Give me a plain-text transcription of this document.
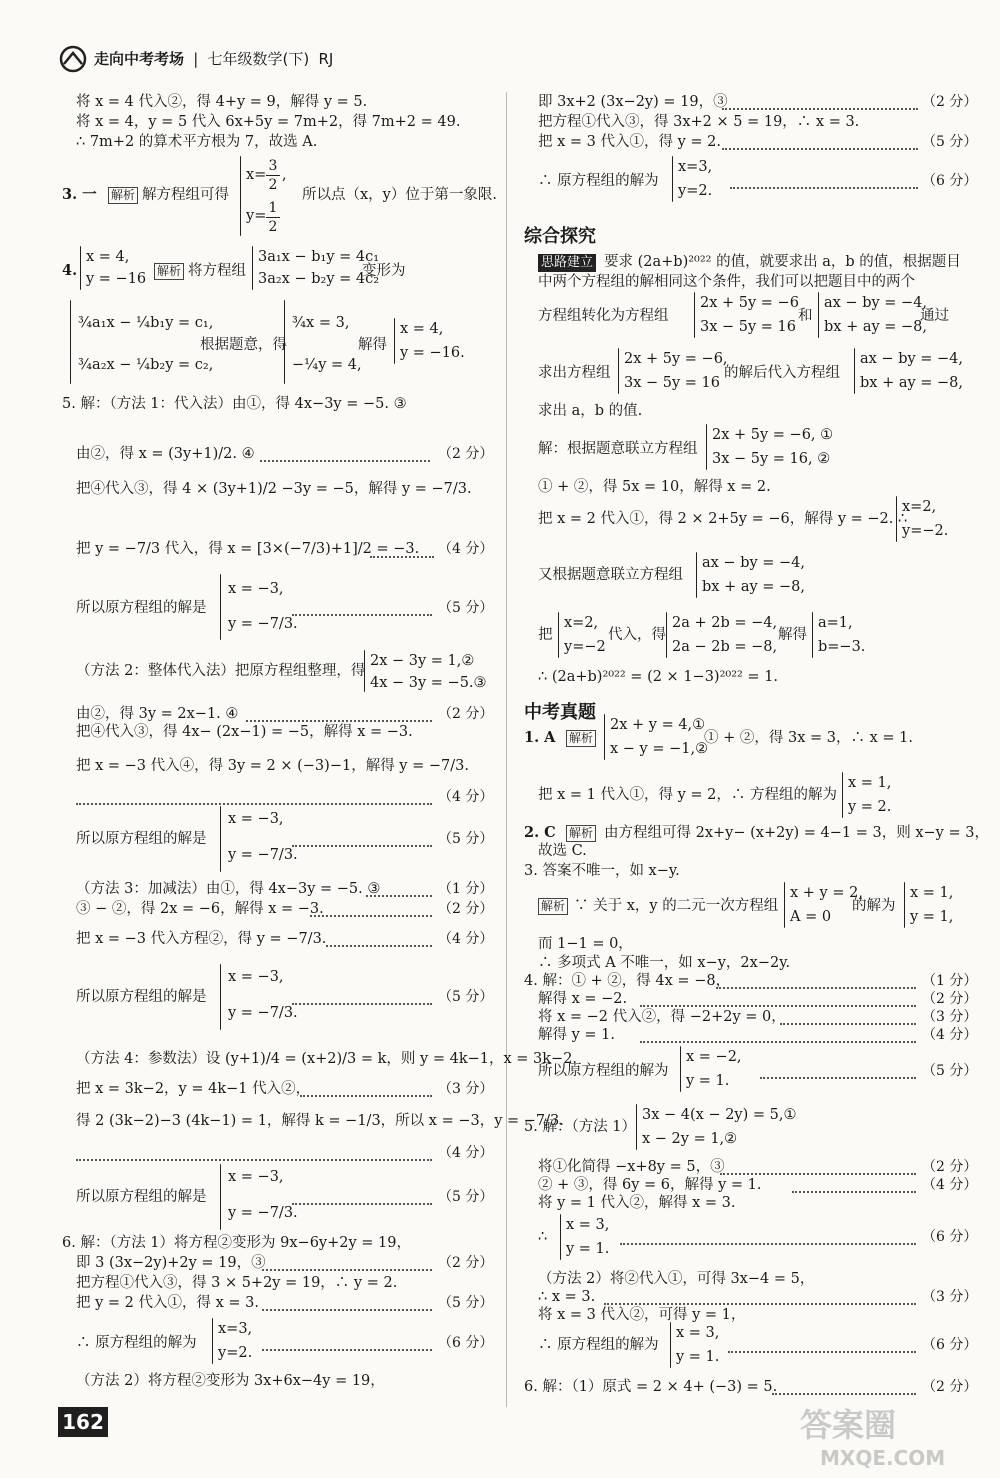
走向中考考场 | 七年级数学(下) RJ
将 x = 4 代入②，得 4+y = 9，解得 y = 5.
将 x = 4，y = 5 代入 6x+5y = 7m+2，得 7m+2 = 49.
∴ 7m+2 的算术平方根为 7，故选 A.
3. 一 解析 解方程组可得
x=
3
2
,
y= 1
2
所以点（x，y）位于第一象限.
4.
x = 4,
y = −16 解析 将方程组
3a₁x − b₁y = 4c₁
3a₂x − b₂y = 4c₂
变形为
¾a₁x − ¼b₁y = c₁,
¾a₂x − ¼b₂y = c₂,
根据题意，得
¾x = 3,
−¼y = 4,
解得
x = 4,
y = −16.
5. 解：（方法 1：代入法）由①，得 4x−3y = −5. ③
由②，得 x = (3y+1)/2. ④	（2 分）
把④代入③，得 4 × (3y+1)/2 −3y = −5，解得 y = −7/3.
把 y = −7/3 代入，得 x = [3×(−7/3)+1]/2 = −3. （4 分）
所以原方程组的解是
x = −3,
y = −7/3.
（5 分）
（方法 2：整体代入法）把原方程组整理，得
2x − 3y = 1,②
4x − 3y = −5.③
由②，得 3y = 2x−1. ④	（2 分）
把④代入③，得 4x− (2x−1) = −5，解得 x = −3.
把 x = −3 代入④，得 3y = 2 × (−3)−1，解得 y = −7/3.
（4 分）
所以原方程组的解是
x = −3,
y = −7/3.
（5 分）
（方法 3：加减法）由①，得 4x−3y = −5. ③	（1 分）
③ − ②，得 2x = −6，解得 x = −3.	（2 分）
把 x = −3 代入方程②，得 y = −7/3.	（4 分）
所以原方程组的解是
x = −3,
y = −7/3.
（5 分）
（方法 4：参数法）设 (y+1)/4 = (x+2)/3 = k，则 y = 4k−1，x = 3k−2.
把 x = 3k−2，y = 4k−1 代入②，	（3 分）
得 2 (3k−2)−3 (4k−1) = 1，解得 k = −1/3，所以 x = −3，y = −7/3.
（4 分）
所以原方程组的解是
x = −3,
y = −7/3.
（5 分）
6. 解：（方法 1）将方程②变形为 9x−6y+2y = 19，
即 3 (3x−2y)+2y = 19，③	（2 分）
把方程①代入③，得 3 × 5+2y = 19，∴ y = 2.
把 y = 2 代入①，得 x = 3.	（5 分）
∴ 原方程组的解为
x=3,
y=2.
（6 分）
（方法 2）将方程②变形为 3x+6x−4y = 19，
即 3x+2 (3x−2y) = 19，③	（2 分）
把方程①代入③，得 3x+2 × 5 = 19，∴ x = 3.
把 x = 3 代入①，得 y = 2.	（5 分）
∴ 原方程组的解为
x=3,
y=2.
（6 分）
综合探究
思路建立 要求 (2a+b)²⁰²² 的值，就要求出 a，b 的值，根据题目
中两个方程组的解相同这个条件，我们可以把题目中的两个
方程组转化为方程组
2x + 5y = −6
3x − 5y = 16
和
ax − by = −4,
bx + ay = −8,
通过
求出方程组
2x + 5y = −6,
3x − 5y = 16
的解后代入方程组
ax − by = −4,
bx + ay = −8,
求出 a，b 的值.
解：根据题意联立方程组
2x + 5y = −6, ①
3x − 5y = 16, ②
① + ②，得 5x = 10，解得 x = 2.
把 x = 2 代入①，得 2 × 2+5y = −6，解得 y = −2. ∴
x=2,
y=−2.
又根据题意联立方程组
ax − by = −4,
bx + ay = −8,
把
x=2,
y=−2
代入，得
2a + 2b = −4,
2a − 2b = −8,
解得
a=1,
b=−3.
∴ (2a+b)²⁰²² = (2 × 1−3)²⁰²² = 1.
中考真题
1. A 解析
2x + y = 4,①
x − y = −1,②
① + ②，得 3x = 3，∴ x = 1.
把 x = 1 代入①，得 y = 2，∴ 方程组的解为
x = 1,
y = 2.
2. C 解析 由方程组可得 2x+y− (x+2y) = 4−1 = 3，则 x−y = 3，
故选 C.
3. 答案不唯一，如 x−y.
解析 ∵ 关于 x，y 的二元一次方程组
x + y = 2,
A = 0
的解为
x = 1,
y = 1,
而 1−1 = 0，
∴ 多项式 A 不唯一，如 x−y，2x−2y.
4. 解：① + ②，得 4x = −8，	（1 分）
解得 x = −2.	（2 分）
将 x = −2 代入②，得 −2+2y = 0，	（3 分）
解得 y = 1.	（4 分）
所以原方程组的解为
x = −2,
y = 1.
（5 分）
5. 解：（方法 1）
3x − 4(x − 2y) = 5,①
x − 2y = 1,②
将①化简得 −x+8y = 5，③	（2 分）
② + ③，得 6y = 6，解得 y = 1.	（4 分）
将 y = 1 代入②，解得 x = 3.
∴
x = 3,
y = 1.
（6 分）
（方法 2）将②代入①，可得 3x−4 = 5，
∴ x = 3.	（3 分）
将 x = 3 代入②，可得 y = 1，
∴ 原方程组的解为
x = 3,
y = 1.
（6 分）
6. 解：（1）原式 = 2 × 4+ (−3) = 5.	（2 分）
162	答案圈
MXQE.COM
